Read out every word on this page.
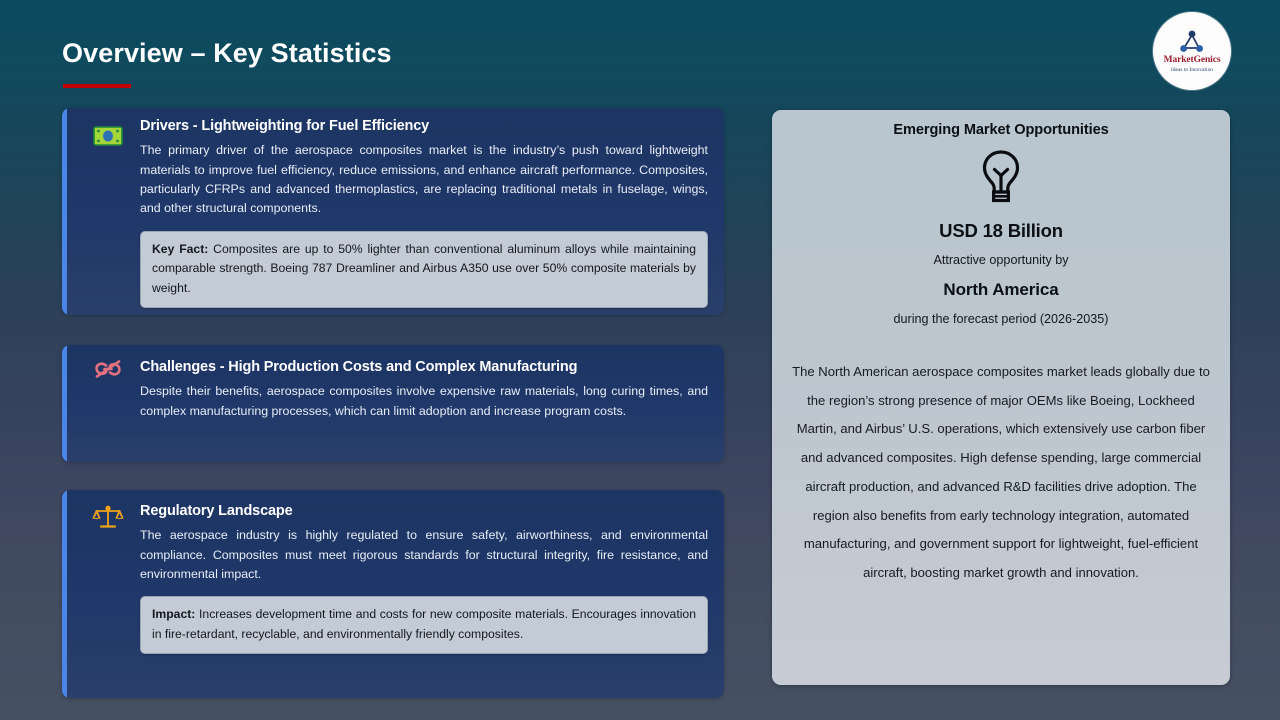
Overview – Key Statistics	MarketGenics
Ideas to Innovation
Drivers - Lightweighting for Fuel Efficiency
The primary driver of the aerospace composites market is the industry’s push toward lightweight materials to improve fuel efficiency, reduce emissions, and enhance aircraft performance. Composites, particularly CFRPs and advanced thermoplastics, are replacing traditional metals in fuselage, wings, and other structural components.
Key Fact: Composites are up to 50% lighter than conventional aluminum alloys while maintaining comparable strength. Boeing 787 Dreamliner and Airbus A350 use over 50% composite materials by weight.
Challenges - High Production Costs and Complex Manufacturing
Despite their benefits, aerospace composites involve expensive raw materials, long curing times, and complex manufacturing processes, which can limit adoption and increase program costs.
Regulatory Landscape
The aerospace industry is highly regulated to ensure safety, airworthiness, and environmental compliance. Composites must meet rigorous standards for structural integrity, fire resistance, and environmental impact.
Impact: Increases development time and costs for new composite materials. Encourages innovation in fire-retardant, recyclable, and environmentally friendly composites.
Emerging Market Opportunities
USD 18 Billion
Attractive opportunity by
North America
during the forecast period (2026-2035)
The North American aerospace composites market leads globally due to the region’s strong presence of major OEMs like Boeing, Lockheed Martin, and Airbus’ U.S. operations, which extensively use carbon fiber and advanced composites. High defense spending, large commercial aircraft production, and advanced R&D facilities drive adoption. The region also benefits from early technology integration, automated manufacturing, and government support for lightweight, fuel-efficient aircraft, boosting market growth and innovation.
